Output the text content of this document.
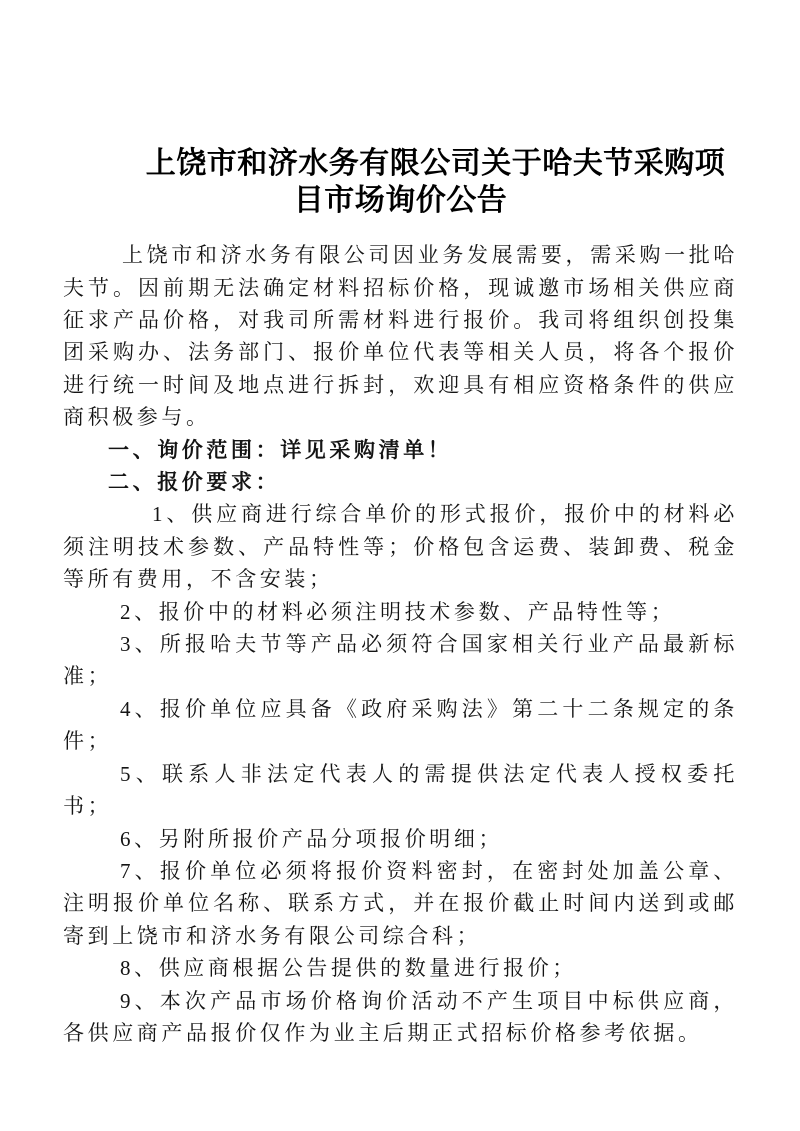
上饶市和济水务有限公司关于哈夫节采购项
目市场询价公告

上饶市和济水务有限公司因业务发展需要，需采购一批哈夫节。因前期无法确定材料招标价格，现诚邀市场相关供应商征求产品价格，对我司所需材料进行报价。我司将组织创投集团采购办、法务部门、报价单位代表等相关人员，将各个报价进行统一时间及地点进行拆封，欢迎具有相应资格条件的供应商积极参与。

一、询价范围：详见采购清单！

二、报价要求：

1、供应商进行综合单价的形式报价，报价中的材料必须注明技术参数、产品特性等；价格包含运费、装卸费、税金等所有费用，不含安装；

2、报价中的材料必须注明技术参数、产品特性等；

3、所报哈夫节等产品必须符合国家相关行业产品最新标准；

4、报价单位应具备《政府采购法》第二十二条规定的条件；

5、联系人非法定代表人的需提供法定代表人授权委托书；

6、另附所报价产品分项报价明细；

7、报价单位必须将报价资料密封，在密封处加盖公章、注明报价单位名称、联系方式，并在报价截止时间内送到或邮寄到上饶市和济水务有限公司综合科；

8、供应商根据公告提供的数量进行报价；

9、本次产品市场价格询价活动不产生项目中标供应商，各供应商产品报价仅作为业主后期正式招标价格参考依据。
